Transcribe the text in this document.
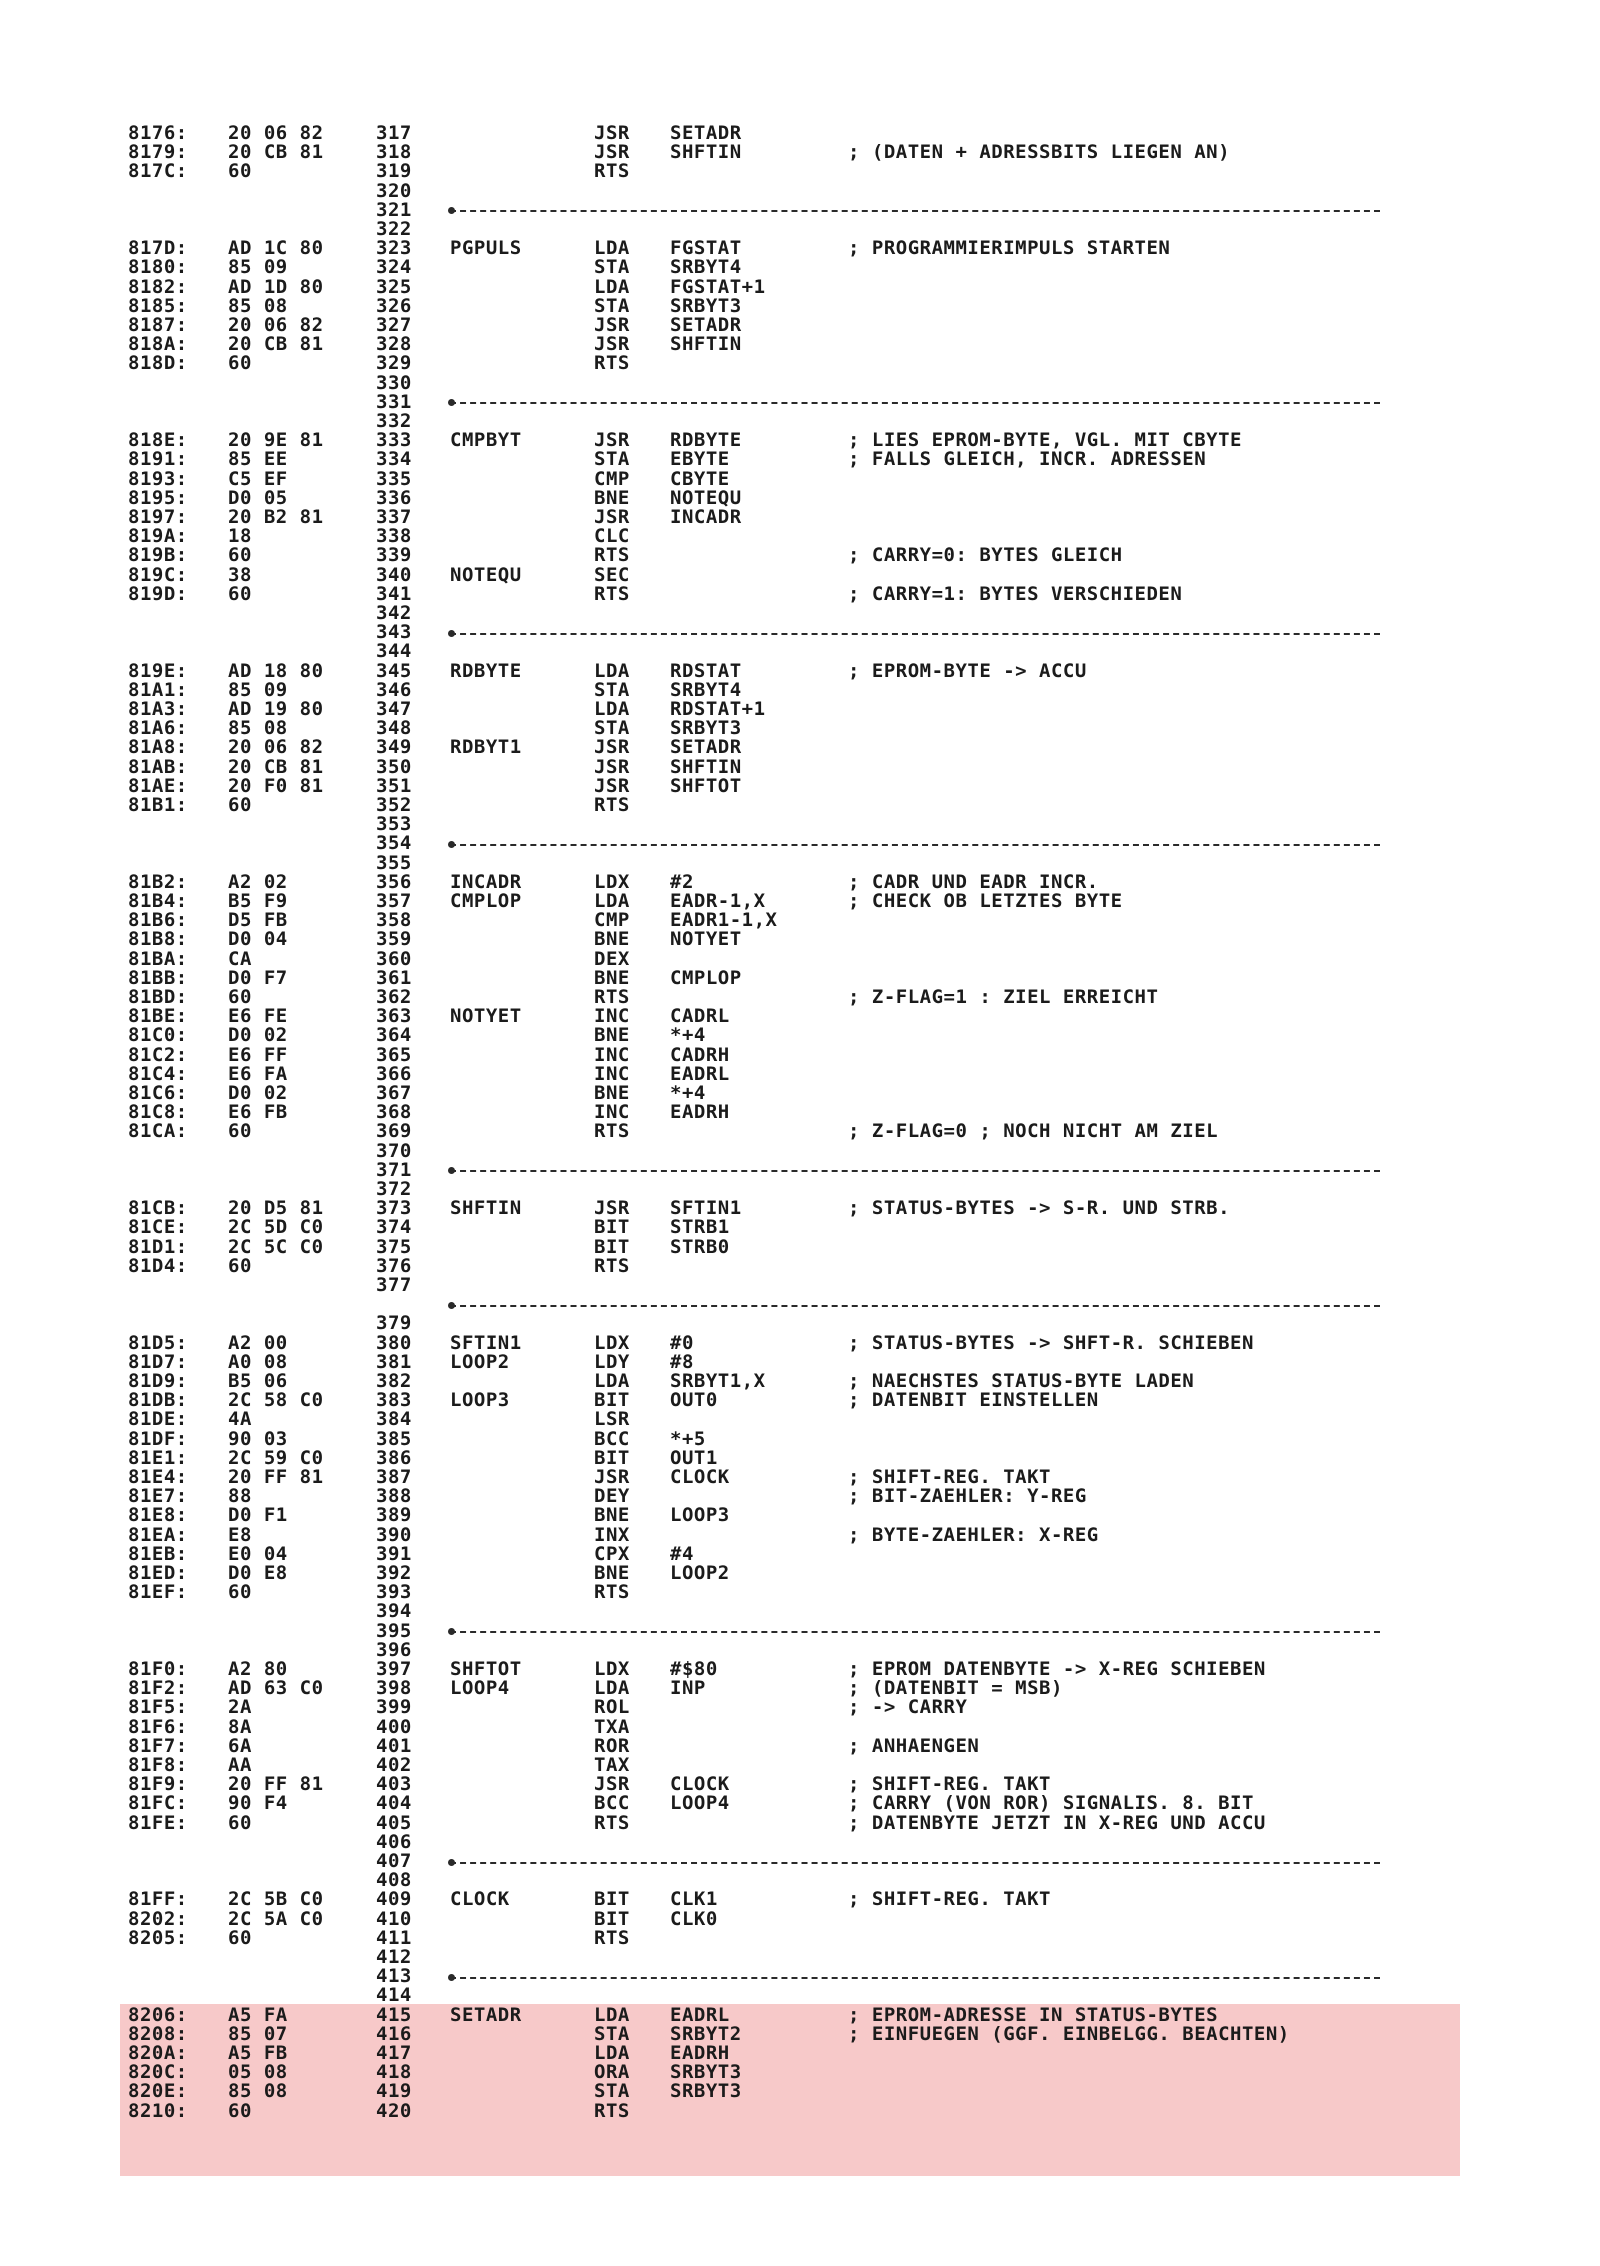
8176: 20 06 82	317	JSR SETADR
8179: 20 CB 81	318	JSR SHFTIN	; (DATEN + ADRESSBITS LIEGEN AN)
817C: 60	319	RTS
320
321
322
817D: AD 1C 80	323 PGPULS	LDA FGSTAT	; PROGRAMMIERIMPULS STARTEN
8180: 85 09	324	STA SRBYT4
8182: AD 1D 80	325	LDA FGSTAT+1
8185: 85 08	326	STA SRBYT3
8187: 20 06 82	327	JSR SETADR
818A: 20 CB 81	328	JSR SHFTIN
818D: 60	329	RTS
330
331
332
818E: 20 9E 81	333 CMPBYT	JSR RDBYTE	; LIES EPROM-BYTE, VGL. MIT CBYTE
8191: 85 EE	334	STA EBYTE	; FALLS GLEICH, INCR. ADRESSEN
8193: C5 EF	335	CMP CBYTE
8195: D0 05	336	BNE NOTEQU
8197: 20 B2 81	337	JSR INCADR
819A: 18	338	CLC
819B: 60	339	RTS	; CARRY=0: BYTES GLEICH
819C: 38	340 NOTEQU	SEC
819D: 60	341	RTS	; CARRY=1: BYTES VERSCHIEDEN
342
343
344
819E: AD 18 80	345 RDBYTE	LDA RDSTAT	; EPROM-BYTE -> ACCU
81A1: 85 09	346	STA SRBYT4
81A3: AD 19 80	347	LDA RDSTAT+1
81A6: 85 08	348	STA SRBYT3
81A8: 20 06 82	349 RDBYT1	JSR SETADR
81AB: 20 CB 81	350	JSR SHFTIN
81AE: 20 F0 81	351	JSR SHFTOT
81B1: 60	352	RTS
353
354
355
81B2: A2 02	356 INCADR	LDX #2	; CADR UND EADR INCR.
81B4: B5 F9	357 CMPLOP	LDA EADR-1,X	; CHECK OB LETZTES BYTE
81B6: D5 FB	358	CMP EADR1-1,X
81B8: D0 04	359	BNE NOTYET
81BA: CA	360	DEX
81BB: D0 F7	361	BNE CMPLOP
81BD: 60	362	RTS	; Z-FLAG=1 : ZIEL ERREICHT
81BE: E6 FE	363 NOTYET	INC CADRL
81C0: D0 02	364	BNE *+4
81C2: E6 FF	365	INC CADRH
81C4: E6 FA	366	INC EADRL
81C6: D0 02	367	BNE *+4
81C8: E6 FB	368	INC EADRH
81CA: 60	369	RTS	; Z-FLAG=0 ; NOCH NICHT AM ZIEL
370
371
372
81CB: 20 D5 81	373 SHFTIN	JSR SFTIN1	; STATUS-BYTES -> S-R. UND STRB.
81CE: 2C 5D C0	374	BIT STRB1
81D1: 2C 5C C0	375	BIT STRB0
81D4: 60	376	RTS
377
379
81D5: A2 00	380 SFTIN1	LDX #0	; STATUS-BYTES -> SHFT-R. SCHIEBEN
81D7: A0 08	381 LOOP2	LDY #8
81D9: B5 06	382	LDA SRBYT1,X	; NAECHSTES STATUS-BYTE LADEN
81DB: 2C 58 C0	383 LOOP3	BIT OUT0	; DATENBIT EINSTELLEN
81DE: 4A	384	LSR
81DF: 90 03	385	BCC *+5
81E1: 2C 59 C0	386	BIT OUT1
81E4: 20 FF 81	387	JSR CLOCK	; SHIFT-REG. TAKT
81E7: 88	388	DEY	; BIT-ZAEHLER: Y-REG
81E8: D0 F1	389	BNE LOOP3
81EA: E8	390	INX	; BYTE-ZAEHLER: X-REG
81EB: E0 04	391	CPX #4
81ED: D0 E8	392	BNE LOOP2
81EF: 60	393	RTS
394
395
396
81F0: A2 80	397 SHFTOT	LDX #$80	; EPROM DATENBYTE -> X-REG SCHIEBEN
81F2: AD 63 C0	398 LOOP4	LDA INP	; (DATENBIT = MSB)
81F5: 2A	399	ROL	; -> CARRY
81F6: 8A	400	TXA
81F7: 6A	401	ROR	; ANHAENGEN
81F8: AA	402	TAX
81F9: 20 FF 81	403	JSR CLOCK	; SHIFT-REG. TAKT
81FC: 90 F4	404	BCC LOOP4	; CARRY (VON ROR) SIGNALIS. 8. BIT
81FE: 60	405	RTS	; DATENBYTE JETZT IN X-REG UND ACCU
406
407
408
81FF: 2C 5B C0	409 CLOCK	BIT CLK1	; SHIFT-REG. TAKT
8202: 2C 5A C0	410	BIT CLK0
8205: 60	411	RTS
412
413
414
8206: A5 FA	415 SETADR	LDA EADRL	; EPROM-ADRESSE IN STATUS-BYTES
8208: 85 07	416	STA SRBYT2	; EINFUEGEN (GGF. EINBELGG. BEACHTEN)
820A: A5 FB	417	LDA EADRH
820C: 05 08	418	ORA SRBYT3
820E: 85 08	419	STA SRBYT3
8210: 60	420	RTS
